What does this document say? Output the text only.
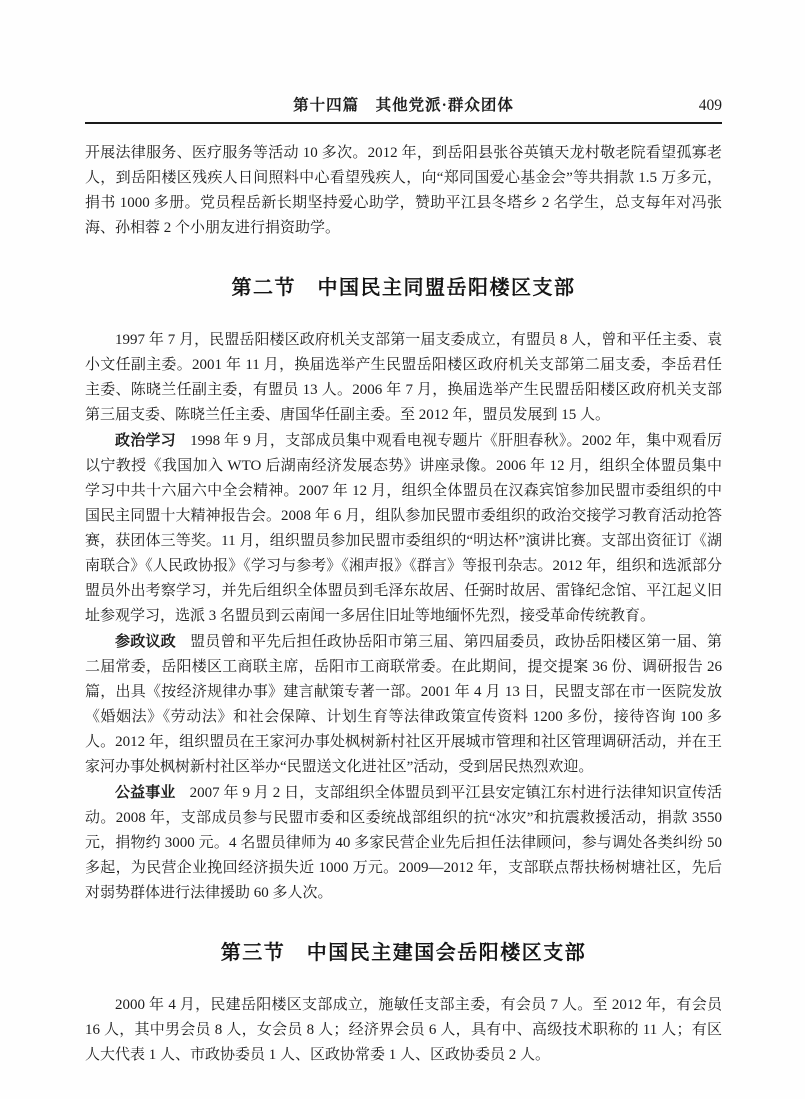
第十四篇　其他党派·群众团体	409

开展法律服务、医疗服务等活动 10 多次。2012 年，到岳阳县张谷英镇天龙村敬老院看望孤寡老人，到岳阳楼区残疾人日间照料中心看望残疾人，向“郑同国爱心基金会”等共捐款 1.5 万多元，捐书 1000 多册。党员程岳新长期坚持爱心助学，赞助平江县冬塔乡 2 名学生，总支每年对冯张海、孙相蓉 2 个小朋友进行捐资助学。

第二节　中国民主同盟岳阳楼区支部

1997 年 7 月，民盟岳阳楼区政府机关支部第一届支委成立，有盟员 8 人，曾和平任主委、袁小文任副主委。2001 年 11 月，换届选举产生民盟岳阳楼区政府机关支部第二届支委，李岳君任主委、陈晓兰任副主委，有盟员 13 人。2006 年 7 月，换届选举产生民盟岳阳楼区政府机关支部第三届支委、陈晓兰任主委、唐国华任副主委。至 2012 年，盟员发展到 15 人。

政治学习 1998 年 9 月，支部成员集中观看电视专题片《肝胆春秋》。2002 年，集中观看厉以宁教授《我国加入 WTO 后湖南经济发展态势》讲座录像。2006 年 12 月，组织全体盟员集中学习中共十六届六中全会精神。2007 年 12 月，组织全体盟员在汉森宾馆参加民盟市委组织的中国民主同盟十大精神报告会。2008 年 6 月，组队参加民盟市委组织的政治交接学习教育活动抢答赛，获团体三等奖。11 月，组织盟员参加民盟市委组织的“明达杯”演讲比赛。支部出资征订《湖南联合》《人民政协报》《学习与参考》《湘声报》《群言》等报刊杂志。2012 年，组织和选派部分盟员外出考察学习，并先后组织全体盟员到毛泽东故居、任弼时故居、雷锋纪念馆、平江起义旧址参观学习，选派 3 名盟员到云南闻一多居住旧址等地缅怀先烈，接受革命传统教育。

参政议政 盟员曾和平先后担任政协岳阳市第三届、第四届委员，政协岳阳楼区第一届、第二届常委，岳阳楼区工商联主席，岳阳市工商联常委。在此期间，提交提案 36 份、调研报告 26 篇，出具《按经济规律办事》建言献策专著一部。2001 年 4 月 13 日，民盟支部在市一医院发放《婚姻法》《劳动法》和社会保障、计划生育等法律政策宣传资料 1200 多份，接待咨询 100 多人。2012 年，组织盟员在王家河办事处枫树新村社区开展城市管理和社区管理调研活动，并在王家河办事处枫树新村社区举办“民盟送文化进社区”活动，受到居民热烈欢迎。

公益事业 2007 年 9 月 2 日，支部组织全体盟员到平江县安定镇江东村进行法律知识宣传活动。2008 年，支部成员参与民盟市委和区委统战部组织的抗“冰灾”和抗震救援活动，捐款 3550 元，捐物约 3000 元。4 名盟员律师为 40 多家民营企业先后担任法律顾问，参与调处各类纠纷 50 多起，为民营企业挽回经济损失近 1000 万元。2009—2012 年，支部联点帮扶杨树塘社区，先后对弱势群体进行法律援助 60 多人次。

第三节　中国民主建国会岳阳楼区支部

2000 年 4 月，民建岳阳楼区支部成立，施敏任支部主委，有会员 7 人。至 2012 年，有会员 16 人，其中男会员 8 人，女会员 8 人；经济界会员 6 人，具有中、高级技术职称的 11 人；有区人大代表 1 人、市政协委员 1 人、区政协常委 1 人、区政协委员 2 人。
